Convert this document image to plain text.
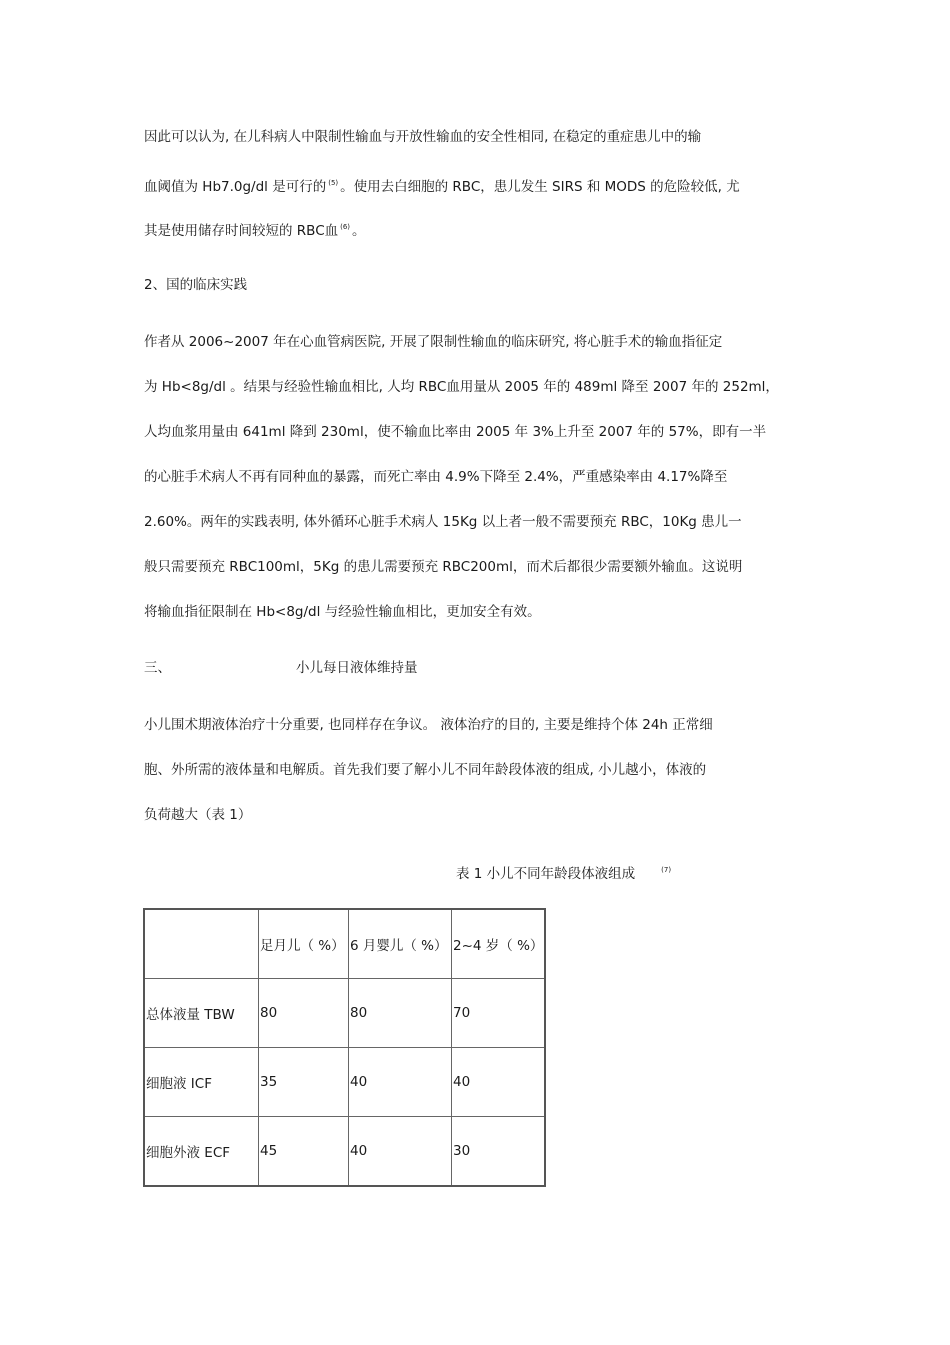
因此可以认为, 在儿科病人中限制性输血与开放性输血的安全性相同, 在稳定的重症患儿中的输
血阈值为 Hb7.0g/dl 是可行的 $^{(5)}$ 。使用去白细胞的 RBC，患儿发生 SIRS 和 MODS 的危险较低, 尤
其是使用储存时间较短的 RBC血 $^{(6)}$ 。
2、国的临床实践
作者从 2006~2007 年在心血管病医院, 开展了限制性输血的临床研究, 将心脏手术的输血指征定
为 Hb<8g/dl 。结果与经验性输血相比, 人均 RBC血用量从 2005 年的 489ml 降至 2007 年的 252ml，
人均血浆用量由 641ml 降到 230ml，使不输血比率由 2005 年 3%上升至 2007 年的 57%，即有一半
的心脏手术病人不再有同种血的暴露，而死亡率由 4.9%下降至 2.4%，严重感染率由 4.17%降至
2.60%。两年的实践表明, 体外循环心脏手术病人 15Kg 以上者一般不需要预充 RBC，10Kg 患儿一
般只需要预充 RBC100ml，5Kg 的患儿需要预充 RBC200ml，而术后都很少需要额外输血。这说明
将输血指征限制在 Hb<8g/dl 与经验性输血相比，更加安全有效。
三、	小儿每日液体维持量
小儿围术期液体治疗十分重要, 也同样存在争议。 液体治疗的目的, 主要是维持个体 24h 正常细
胞、外所需的液体量和电解质。首先我们要了解小儿不同年龄段体液的组成, 小儿越小，体液的
负荷越大（表 1）
表 1 小儿不同年龄段体液组成	$^{(7)}$
	足月儿（ %）	6 月婴儿（ %）	2~4 岁（ %）
总体液量 TBW	80	80	70
细胞液 ICF	35	40	40
细胞外液 ECF	45	40	30
